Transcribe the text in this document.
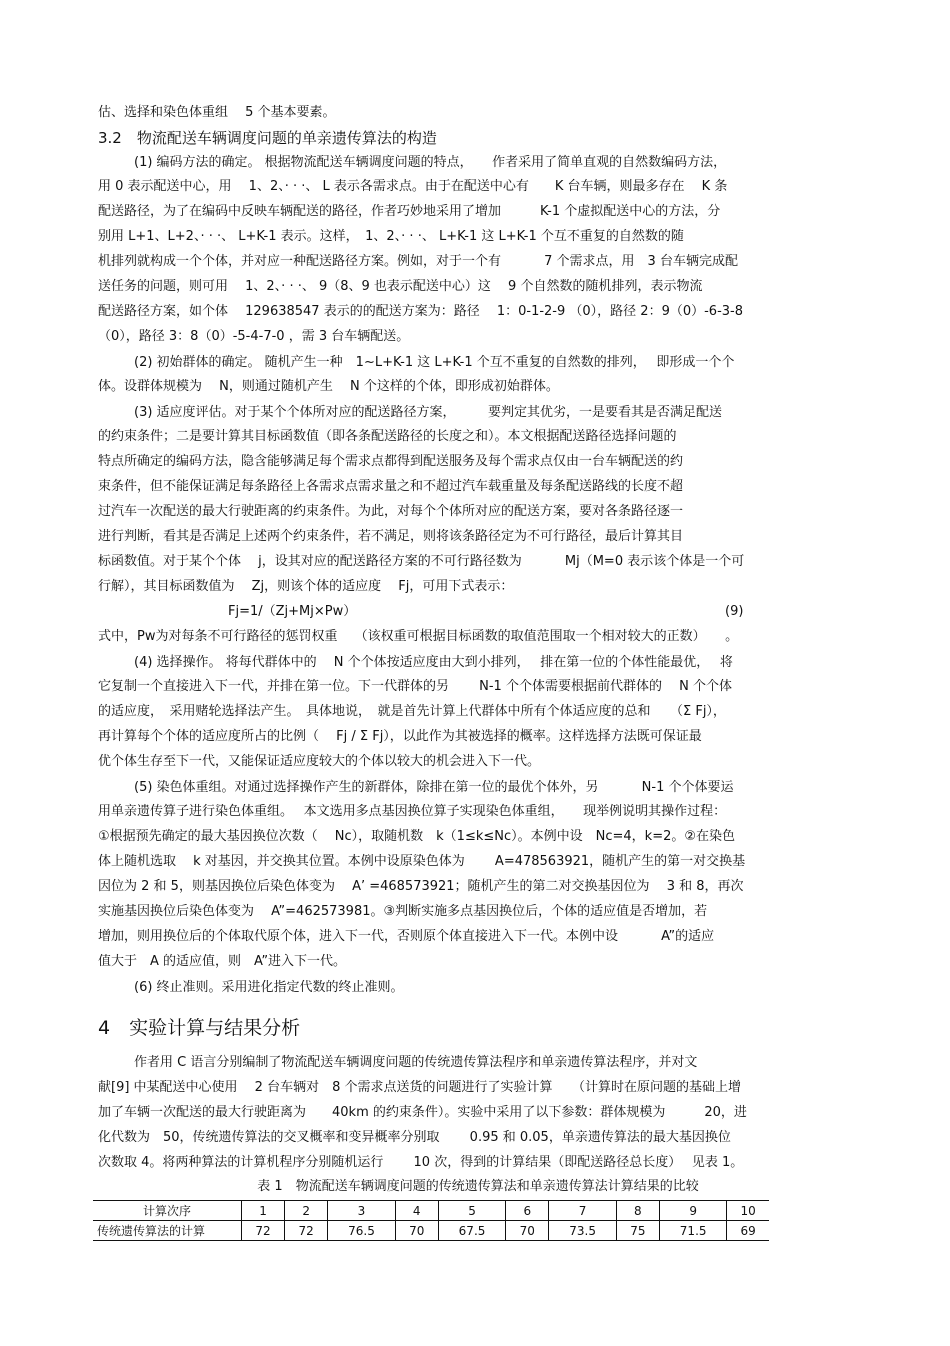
估、选择和染色体重组　 5 个基本要素。
3.2　物流配送车辆调度问题的单亲遗传算法的构造
(1) 编码方法的确定。 根据物流配送车辆调度问题的特点，　　作者采用了简单直观的自然数编码方法，
用 0 表示配送中心，用　 1、2、· · ·、 L 表示各需求点。由于在配送中心有　　K 台车辆，则最多存在　 K 条
配送路径，为了在编码中反映车辆配送的路径，作者巧妙地采用了增加　　　K-1 个虚拟配送中心的方法，分
别用 L+1、L+2、· · ·、 L+K-1 表示。这样，　1、2、· · ·、 L+K-1 这 L+K-1 个互不重复的自然数的随
机排列就构成一个个体，并对应一种配送路径方案。例如，对于一个有　　　 7 个需求点，用　3 台车辆完成配
送任务的问题，则可用　 1、2、· · ·、 9（8、9 也表示配送中心）这　 9 个自然数的随机排列，表示物流
配送路径方案，如个体　 129638547 表示的的配送方案为：路径　 1：0-1-2-9 （0），路径 2：9（0）-6-3-8
（0），路径 3：8（0）-5-4-7-0 ，需 3 台车辆配送。
(2) 初始群体的确定。 随机产生一种　1~L+K-1 这 L+K-1 个互不重复的自然数的排列，　 即形成一个个
体。设群体规模为　 N，则通过随机产生　 N 个这样的个体，即形成初始群体。
(3) 适应度评估。对于某个个体所对应的配送路径方案，　　　要判定其优劣，一是要看其是否满足配送
的约束条件；二是要计算其目标函数值（即各条配送路径的长度之和）。本文根据配送路径选择问题的
特点所确定的编码方法，隐含能够满足每个需求点都得到配送服务及每个需求点仅由一台车辆配送的约
束条件，但不能保证满足每条路径上各需求点需求量之和不超过汽车载重量及每条配送路线的长度不超
过汽车一次配送的最大行驶距离的约束条件。为此，对每个个体所对应的配送方案，要对各条路径逐一
进行判断，看其是否满足上述两个约束条件，若不满足，则将该条路径定为不可行路径，最后计算其目
标函数值。对于某个个体　 j，设其对应的配送路径方案的不可行路径数为　　　 Mj（M=0 表示该个体是一个可
行解），其目标函数值为　 Zj，则该个体的适应度　 Fj，可用下式表示：
Fj=1/（Zj+Mj×Pw）	(9)
式中，Pw为对每条不可行路径的惩罚权重　 （该权重可根据目标函数的取值范围取一个相对较大的正数）　　。
(4) 选择操作。 将每代群体中的　 N 个个体按适应度由大到小排列，　 排在第一位的个体性能最优，　 将
它复制一个直接进入下一代，并排在第一位。下一代群体的另　　 N-1 个个体需要根据前代群体的　 N 个个体
的适应度，　采用赌轮选择法产生。　具体地说，　就是首先计算上代群体中所有个体适应度的总和　　（Σ Fj），
再计算每个个体的适应度所占的比例（　 Fj / Σ Fj），以此作为其被选择的概率。这样选择方法既可保证最
优个体生存至下一代，又能保证适应度较大的个体以较大的机会进入下一代。
(5) 染色体重组。对通过选择操作产生的新群体，除排在第一位的最优个体外，另　　　 N-1 个个体要运
用单亲遗传算子进行染色体重组。　 本文选用多点基因换位算子实现染色体重组，　　现举例说明其操作过程：
①根据预先确定的最大基因换位次数（　 Nc），取随机数　k（1≤k≤Nc）。本例中设　Nc=4，k=2。②在染色
体上随机选取　 k 对基因，并交换其位置。本例中设原染色体为　　 A=478563921，随机产生的第一对交换基
因位为 2 和 5，则基因换位后染色体变为　 A’ =468573921；随机产生的第二对交换基因位为　 3 和 8，再次
实施基因换位后染色体变为　 A”=462573981。③判断实施多点基因换位后，个体的适应值是否增加，若
增加，则用换位后的个体取代原个体，进入下一代，否则原个体直接进入下一代。本例中设　　　 A”的适应
值大于　A 的适应值，则　A”进入下一代。
(6) 终止准则。采用进化指定代数的终止准则。
4　实验计算与结果分析
作者用 C 语言分别编制了物流配送车辆调度问题的传统遗传算法程序和单亲遗传算法程序，并对文
献[9] 中某配送中心使用　 2 台车辆对　8 个需求点送货的问题进行了实验计算　　（计算时在原问题的基础上增
加了车辆一次配送的最大行驶距离为　　40km 的约束条件）。实验中采用了以下参数：群体规模为　　　20，进
化代数为　50，传统遗传算法的交叉概率和变异概率分别取　　 0.95 和 0.05，单亲遗传算法的最大基因换位
次数取 4。将两种算法的计算机程序分别随机运行　　 10 次，得到的计算结果（即配送路径总长度）　 见表 1。
表 1　物流配送车辆调度问题的传统遗传算法和单亲遗传算法计算结果的比较
计算次序	1	2	3	4	5	6	7	8	9	10
传统遗传算法的计算	72	72	76.5	70	67.5	70	73.5	75	71.5	69
